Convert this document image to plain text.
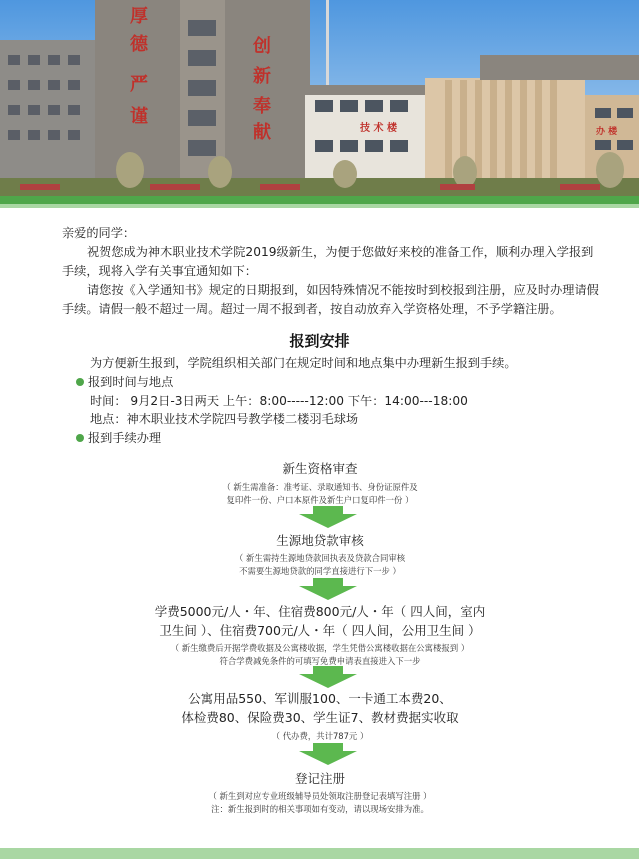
厚
德
严
谨
创
新
奉
献	技 术 楼	办 楼

亲爱的同学：

祝贺您成为神木职业技术学院2019级新生，为便于您做好来校的准备工作，顺利办理入学报到手续，现将入学有关事宜通知如下：

请您按《入学通知书》规定的日期报到，如因特殊情况不能按时到校报到注册，应及时办理请假手续。请假一般不超过一周。超过一周不报到者，按自动放弃入学资格处理，不予学籍注册。

报到安排
为方便新生报到，学院组织相关部门在规定时间和地点集中办理新生报到手续。
报到时间与地点
时间： 9月2日-3日两天 上午：8:00-----12:00 下午：14:00---18:00
地点：神木职业技术学院四号教学楼二楼羽毛球场
报到手续办理
新生资格审查
（ 新生需准备：准考证、录取通知书、身份证原件及
复印件一份、户口本原件及新生户口复印件一份 ）
生源地贷款审核
（ 新生需持生源地贷款回执表及贷款合同审核
不需要生源地贷款的同学直接进行下一步 ）
学费5000元/人・年、住宿费800元/人・年（ 四人间，室内
卫生间 ）、住宿费700元/人・年（ 四人间，公用卫生间 ）
（ 新生缴费后开据学费收据及公寓楼收据，学生凭借公寓楼收据在公寓楼报到 ）
符合学费减免条件的可填写免费申请表直接进入下一步
公寓用品550、军训服100、一卡通工本费20、
体检费80、保险费30、学生证7、教材费据实收取
（ 代办费，共计787元 ）
登记注册
（ 新生到对应专业班级辅导员处领取注册登记表填写注册 ）
注：新生报到时的相关事项如有变动，请以现场安排为准。
